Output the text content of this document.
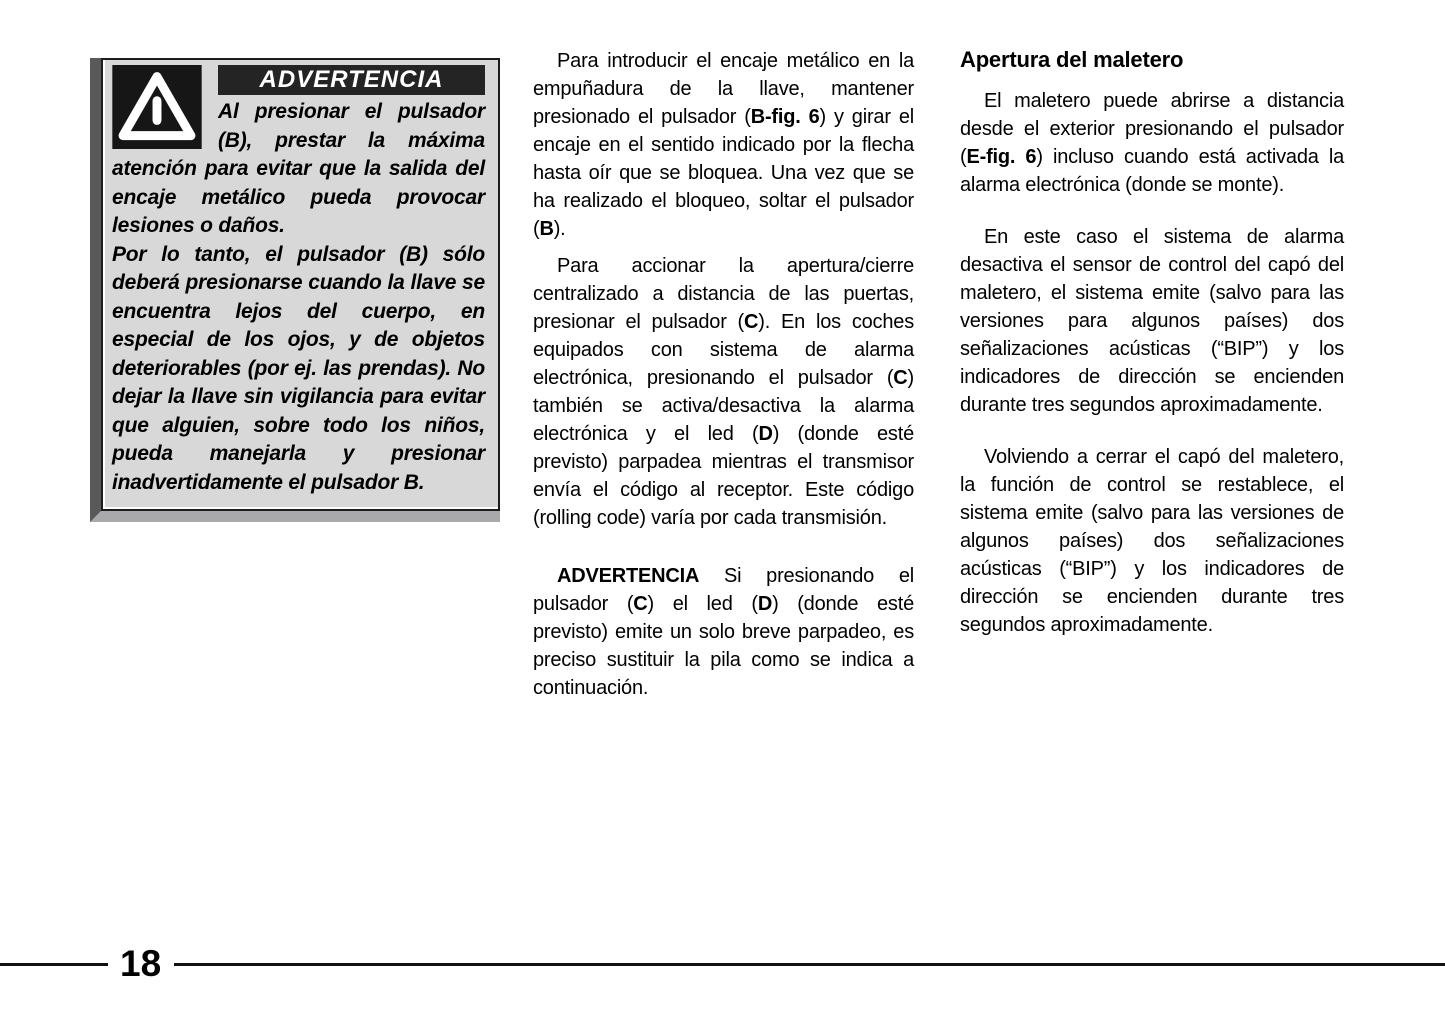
ADVERTENCIA

Al presionar el pulsador (B), prestar la máxima atención para evitar que la salida del encaje metálico pueda provocar lesiones o daños.

Por lo tanto, el pulsador (B) sólo deberá presionarse cuando la llave se encuentra lejos del cuerpo, en especial de los ojos, y de objetos deteriorables (por ej. las prendas). No dejar la llave sin vigilancia para evitar que alguien, sobre todo los niños, pueda manejarla y presionar inadvertidamente el pulsador B.

Para introducir el encaje metálico en la empuñadura de la llave, mantener presionado el pulsador (B-fig. 6) y girar el encaje en el sentido indicado por la flecha hasta oír que se bloquea. Una vez que se ha realizado el bloqueo, soltar el pulsador (B).

Para accionar la apertura/cierre centralizado a distancia de las puertas, presionar el pulsador (C). En los coches equipados con sistema de alarma electrónica, presionando el pulsador (C) también se activa/desactiva la alarma electrónica y el led (D) (donde esté previsto) parpadea mientras el transmisor envía el código al receptor. Este código (rolling code) varía por cada transmisión.

ADVERTENCIA Si presionando el pulsador (C) el led (D) (donde esté previsto) emite un solo breve parpadeo, es preciso sustituir la pila como se indica a continuación.

Apertura del maletero

El maletero puede abrirse a distancia desde el exterior presionando el pulsador (E-fig. 6) incluso cuando está activada la alarma electrónica (donde se monte).

En este caso el sistema de alarma desactiva el sensor de control del capó del maletero, el sistema emite (salvo para las versiones para algunos países) dos señalizaciones acústicas (“BIP”) y los indicadores de dirección se encienden durante tres segundos aproximadamente.

Volviendo a cerrar el capó del maletero, la función de control se restablece, el sistema emite (salvo para las versiones de algunos países) dos señalizaciones acústicas (“BIP”) y los indicadores de dirección se encienden durante tres segundos aproximadamente.

18
